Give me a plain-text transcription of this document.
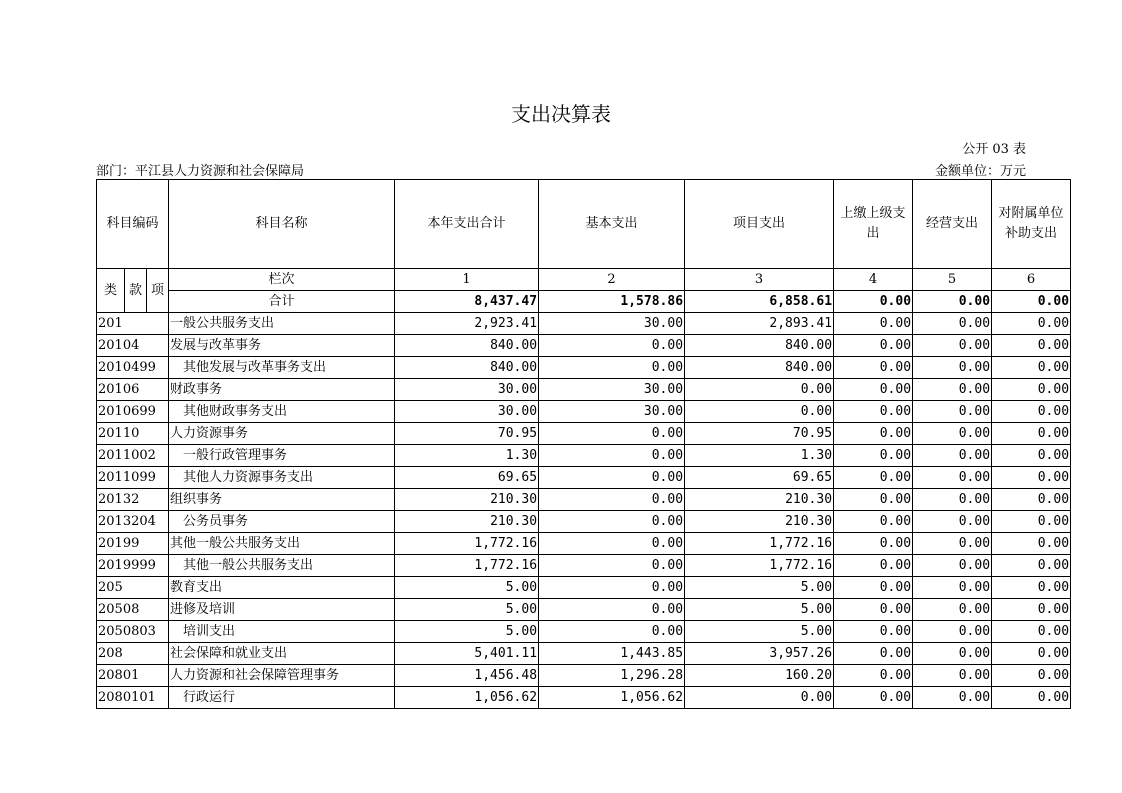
支出决算表
公开 03 表
部门：平江县人力资源和社会保障局	金额单位：万元
科目编码			科目名称	本年支出合计	基本支出	项目支出	上缴上级支出	经营支出	对附属单位补助支出
类	款	项	栏次	1	2	3	4	5	6
			合计	8,437.47	1,578.86	6,858.61	0.00	0.00	0.00
201			一般公共服务支出	2,923.41	30.00	2,893.41	0.00	0.00	0.00
20104			发展与改革事务	840.00	0.00	840.00	0.00	0.00	0.00
2010499			其他发展与改革事务支出	840.00	0.00	840.00	0.00	0.00	0.00
20106			财政事务	30.00	30.00	0.00	0.00	0.00	0.00
2010699			其他财政事务支出	30.00	30.00	0.00	0.00	0.00	0.00
20110			人力资源事务	70.95	0.00	70.95	0.00	0.00	0.00
2011002			一般行政管理事务	1.30	0.00	1.30	0.00	0.00	0.00
2011099			其他人力资源事务支出	69.65	0.00	69.65	0.00	0.00	0.00
20132			组织事务	210.30	0.00	210.30	0.00	0.00	0.00
2013204			公务员事务	210.30	0.00	210.30	0.00	0.00	0.00
20199			其他一般公共服务支出	1,772.16	0.00	1,772.16	0.00	0.00	0.00
2019999			其他一般公共服务支出	1,772.16	0.00	1,772.16	0.00	0.00	0.00
205			教育支出	5.00	0.00	5.00	0.00	0.00	0.00
20508			进修及培训	5.00	0.00	5.00	0.00	0.00	0.00
2050803			培训支出	5.00	0.00	5.00	0.00	0.00	0.00
208			社会保障和就业支出	5,401.11	1,443.85	3,957.26	0.00	0.00	0.00
20801			人力资源和社会保障管理事务	1,456.48	1,296.28	160.20	0.00	0.00	0.00
2080101			行政运行	1,056.62	1,056.62	0.00	0.00	0.00	0.00
